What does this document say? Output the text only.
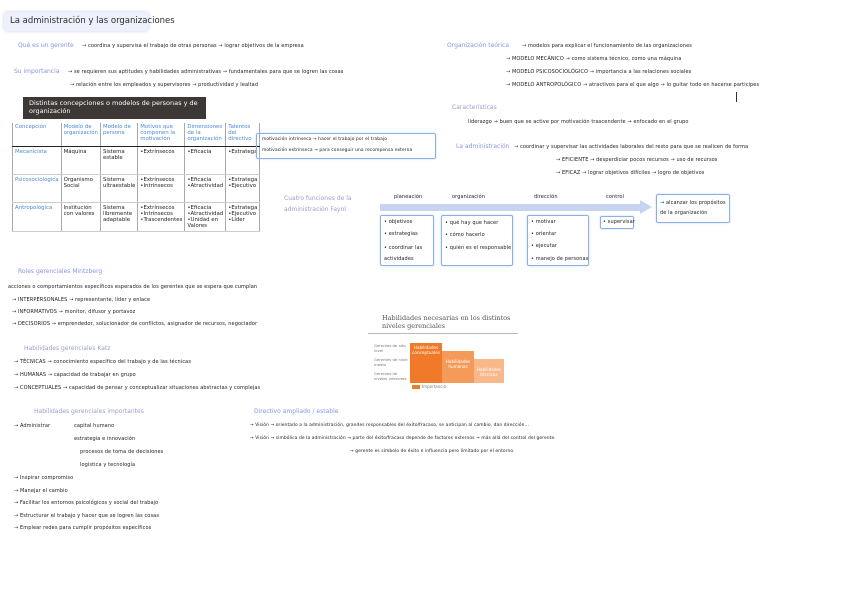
La administración y las organizaciones
Qué es un gerente → coordina y supervisa el trabajo de otras personas → lograr objetivos de la empresa
Su importancia → se requieren sus aptitudes y habilidades administrativas → fundamentales para que se logren las cosas
→ relación entre los empleados y supervisores → productividad y lealtad
Distintas concepciones o modelos de personas y de organización
Concepción	Modelo de organización	Modelo de persona	Motivos que componen la motivación	Dimensiones de la organización	Talentos del directivo
Mecanicista	Máquina	Sistema estable	•Extrínsecos	•Eficacia	•Estratega
Psicosociológica	Organismo Social	Sistema ultraestable	•Extrínsecos •Intrínsecos	•Eficacia •Atractividad	•Estratega •Ejecutivo
Antropológica	Institución con valores	Sistema libremente adaptable	•Extrínsecos •Intrínsecos •Trascendentes	•Eficacia •Atractividad •Unidad en Valores	•Estratega •Ejecutivo •Líder
motivación intrínseca → hacer el trabajo por el trabajo
motivación extrínseca → para conseguir una recompensa externa
Roles gerenciales Mintzberg
acciones o comportamientos específicos esperados de los gerentes que se espera que cumplan
→ INTERPERSONALES → representante, líder y enlace
→ INFORMATIVOS → monitor, difusor y portavoz
→ DECISORIOS → emprendedor, solucionador de conflictos, asignador de recursos, negociador
Habilidades gerenciales Katz
→ TÉCNICAS → conocimiento específico del trabajo y de las técnicas
→ HUMANAS → capacidad de trabajar en grupo
→ CONCEPTUALES → capacidad de pensar y conceptualizar situaciones abstractas y complejas
Habilidades gerenciales importantes
→ Administrar	capital humano
estrategia e innovación
procesos de toma de decisiones
logística y tecnología
→ Inspirar compromiso
→ Manejar el cambio
→ Facilitar los entornos psicológicos y social del trabajo
→ Estructurar el trabajo y hacer que se logren las cosas
→ Emplear redes para cumplir propósitos específicos
Organización teórica	→ modelos para explicar el funcionamiento de las organizaciones
→ MODELO MECÁNICO → como sistema técnico, como una máquina
→ MODELO PSICOSOCIOLÓGICO → importancia a las relaciones sociales
→ MODELO ANTROPOLÓGICO → atractivos para el que algo → lo guitar todo en hacerse participes
Características
liderazgo → buen que se active por motivación trascendente → enfocado en el grupo
La administración → coordinar y supervisar las actividades laborales del resto para que se realicen de forma
→ EFICIENTE → desperdiciar pocos recursos → uso de recursos
→ EFICAZ → lograr objetivos difíciles → logro de objetivos
Cuatro funciones de la administración Fayol
planeación	organización	dirección	control
→ alcanzar los propósitos de la organización
• objetivos
• estrategias
• coordinar las actividades
• qué hay que hacer
• cómo hacerlo
• quién es el responsable
• motivar
• orientar
• ejecutar
• manejo de personas
• supervisar
Habilidades necesarias en los distintos niveles gerenciales
Gerentes de alto nivel
Gerentes de nivel medio
Gerentes de niveles inferiores
Habilidades conceptuales
Habilidades humanas
Habilidades técnicas
Importancia
Directivo ampliado / estable
→ Visión → orientado a la administración, grandes responsables del éxito/fracaso, se anticipan al cambio, dan dirección...
→ Visión → simbólica de la administración → parte del éxito/fracaso depende de factores externos → más allá del control del gerente.
→ gerente es símbolo de éxito e influencia pero limitado por el entorno.
